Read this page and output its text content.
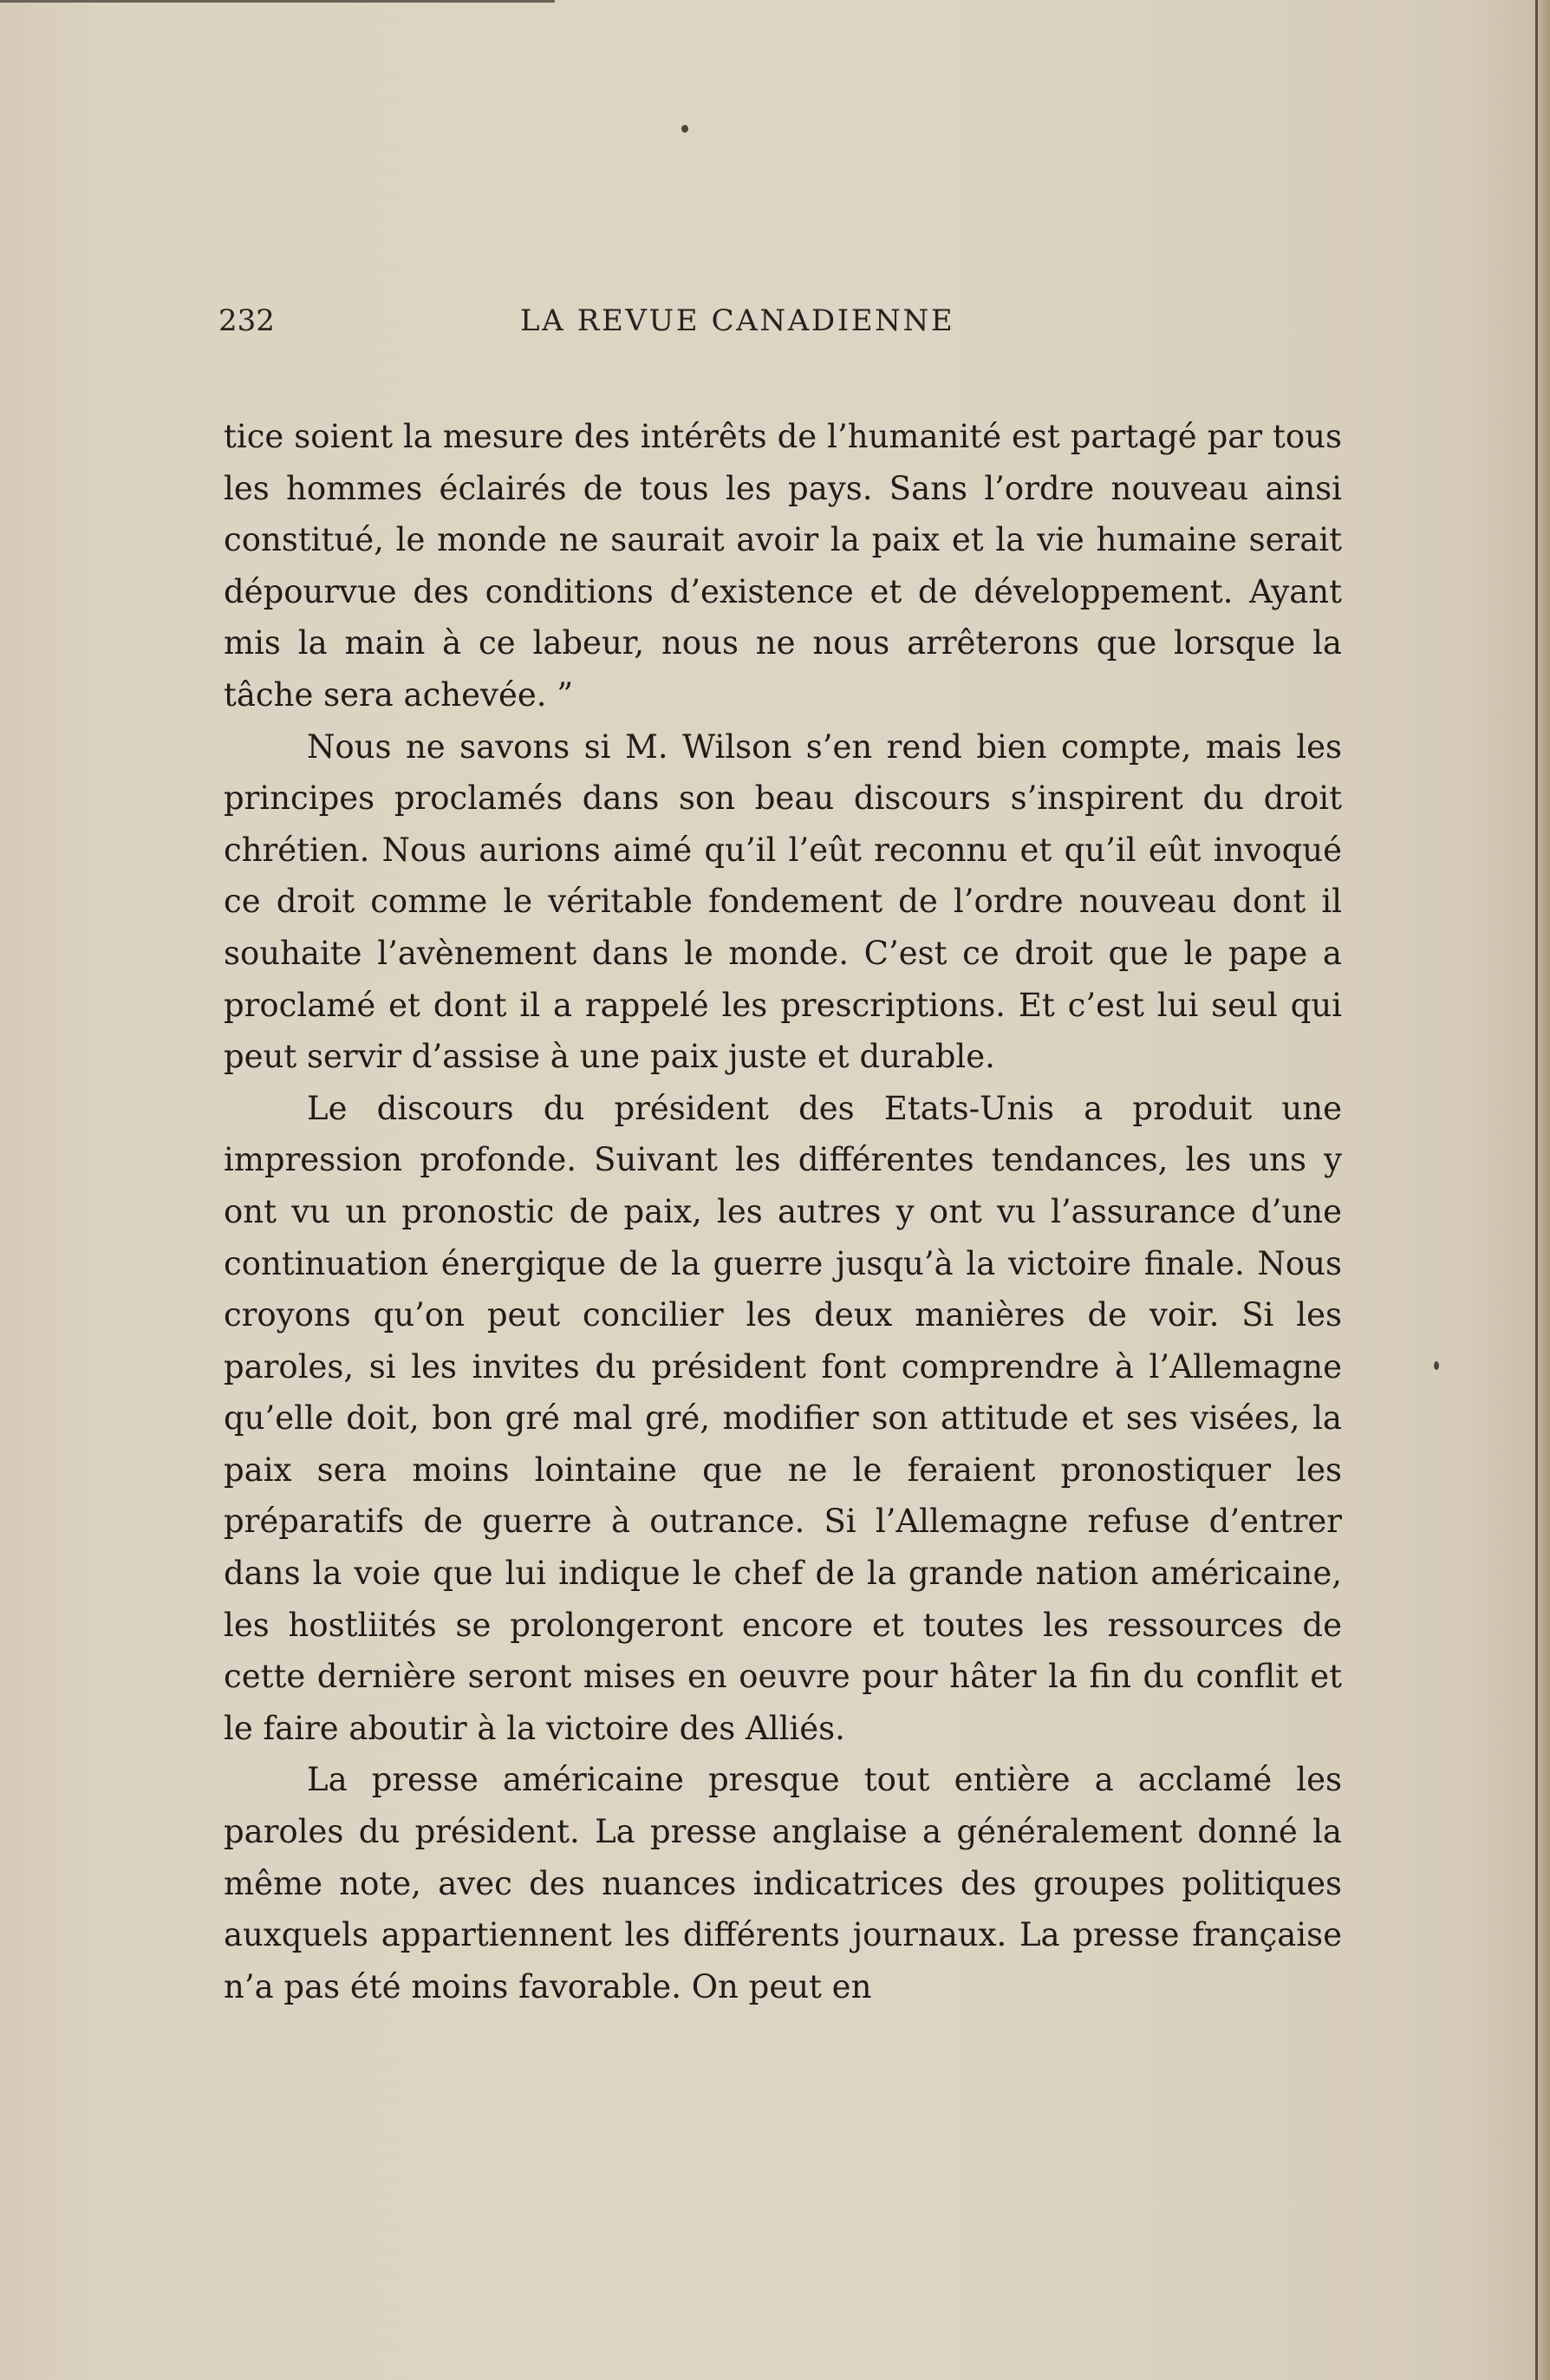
232	LA REVUE CANADIENNE

tice soient la mesure des intérêts de l’humanité est partagé par tous les hommes éclairés de tous les pays. Sans l’ordre nouveau ainsi constitué, le monde ne saurait avoir la paix et la vie humaine serait dépourvue des conditions d’existence et de développement. Ayant mis la main à ce labeur, nous ne nous arrêterons que lorsque la tâche sera achevée. ”

Nous ne savons si M. Wilson s’en rend bien compte, mais les principes proclamés dans son beau discours s’inspirent du droit chrétien. Nous aurions aimé qu’il l’eût reconnu et qu’il eût invoqué ce droit comme le véritable fondement de l’ordre nouveau dont il souhaite l’avènement dans le monde. C’est ce droit que le pape a proclamé et dont il a rappelé les prescriptions. Et c’est lui seul qui peut servir d’assise à une paix juste et durable.

Le discours du président des Etats-Unis a produit une impression profonde. Suivant les différentes tendances, les uns y ont vu un pronostic de paix, les autres y ont vu l’assurance d’une continuation énergique de la guerre jusqu’à la victoire finale. Nous croyons qu’on peut concilier les deux manières de voir. Si les paroles, si les invites du président font comprendre à l’Allemagne qu’elle doit, bon gré mal gré, modifier son attitude et ses visées, la paix sera moins lointaine que ne le feraient pronostiquer les préparatifs de guerre à outrance. Si l’Allemagne refuse d’entrer dans la voie que lui indique le chef de la grande nation américaine, les hostliités se prolongeront encore et toutes les ressources de cette dernière seront mises en oeuvre pour hâter la fin du conflit et le faire aboutir à la victoire des Alliés.

La presse américaine presque tout entière a acclamé les paroles du président. La presse anglaise a généralement donné la même note, avec des nuances indicatrices des groupes politiques auxquels appartiennent les différents journaux. La presse française n’a pas été moins favorable. On peut en
